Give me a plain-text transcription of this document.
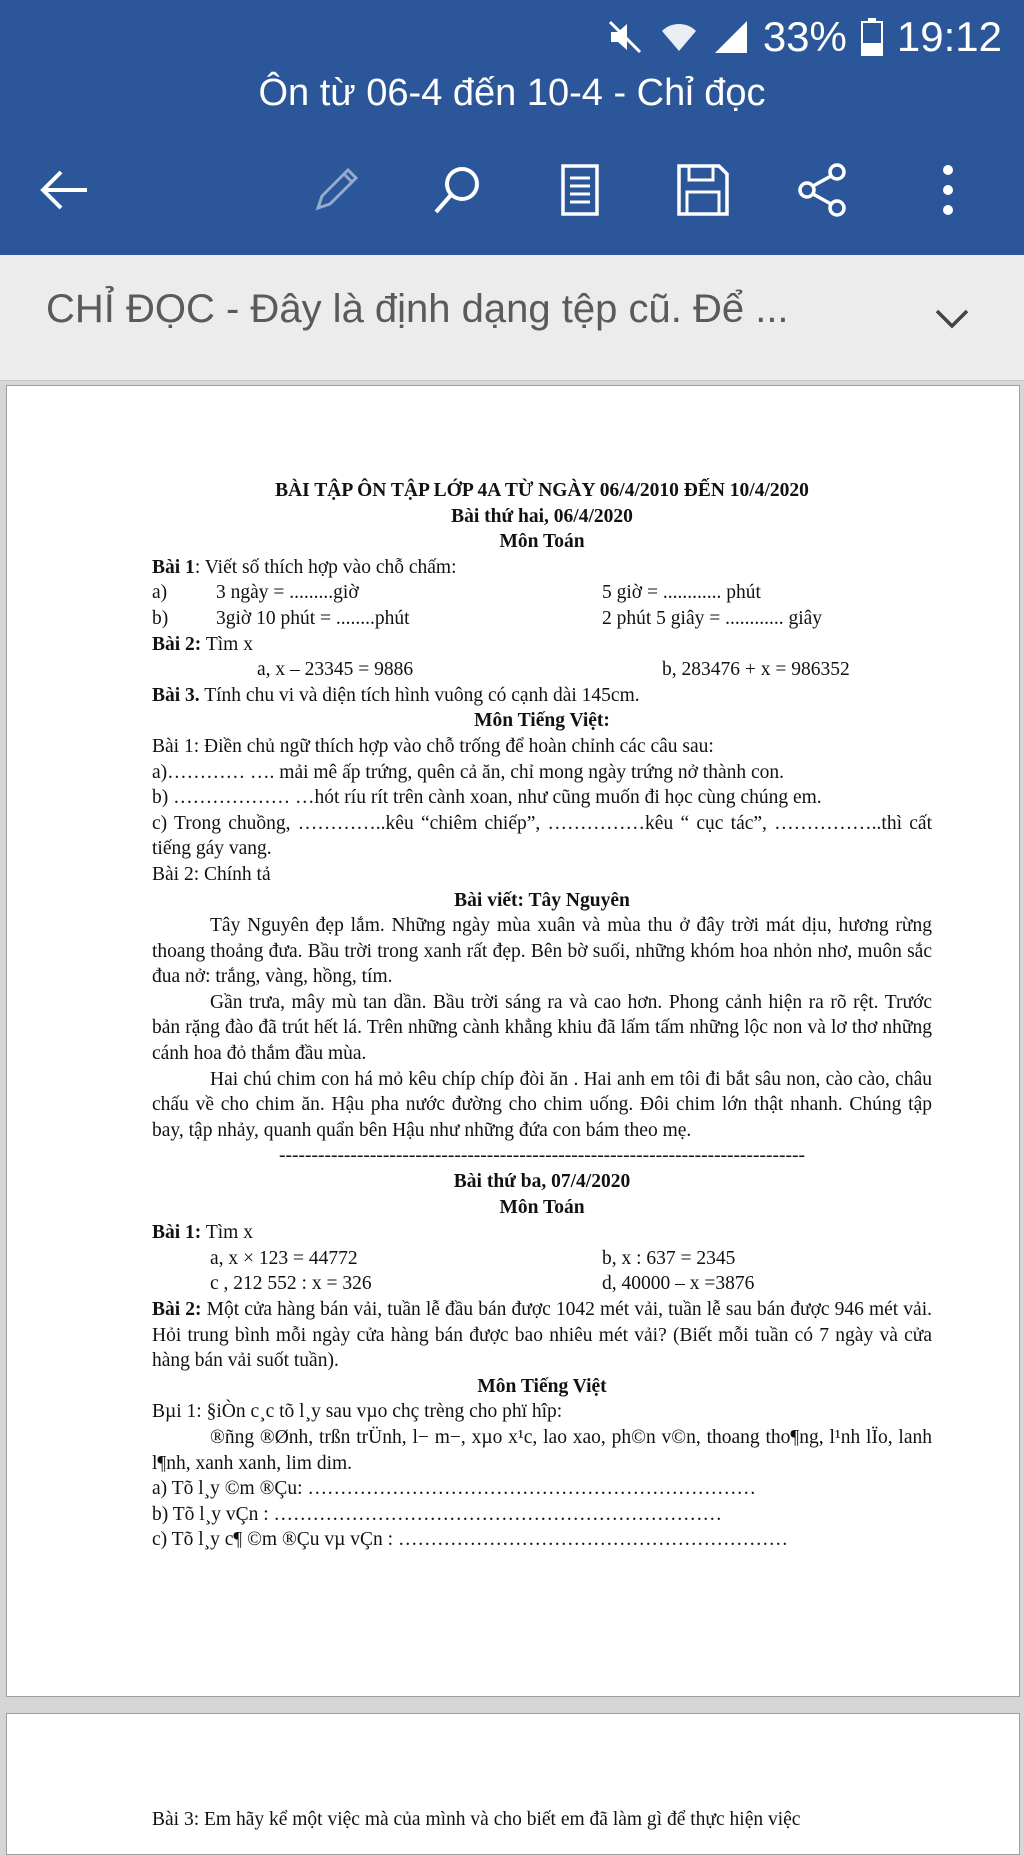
33% 19:12
Ôn từ 06-4 đến 10-4 - Chỉ đọc
CHỈ ĐỌC - Đây là định dạng tệp cũ. Để ...

BÀI TẬP ÔN TẬP LỚP 4A TỪ NGÀY 06/4/2010 ĐẾN 10/4/2020

Bài thứ hai, 06/4/2020

Môn Toán

Bài 1: Viết số thích hợp vào chỗ chấm:

a)	3 ngày = .........giờ	5 giờ = ............ phút
b)	3giờ 10 phút = ........phút	2 phút 5 giây = ............ giây

Bài 2: Tìm x

a, x – 23345 = 9886	b, 283476 + x = 986352

Bài 3. Tính chu vi và diện tích hình vuông có cạnh dài 145cm.

Môn Tiếng Việt:

Bài 1: Điền chủ ngữ thích hợp vào chỗ trống để hoàn chỉnh các câu sau:

a)………… …. mải mê ấp trứng, quên cả ăn, chỉ mong ngày trứng nở thành con.

b) ……………… …hót ríu rít trên cành xoan, như cũng muốn đi học cùng chúng em.

c) Trong chuồng, …………..kêu “chiêm chiếp”, ……………kêu “ cục tác”, ……………..thì cất tiếng gáy vang.

Bài 2: Chính tả

Bài viết: Tây Nguyên

Tây Nguyên đẹp lắm. Những ngày mùa xuân và mùa thu ở đây trời mát dịu, hương rừng thoang thoảng đưa. Bầu trời trong xanh rất đẹp. Bên bờ suối, những khóm hoa nhỏn nhơ, muôn sắc đua nở: trắng, vàng, hồng, tím.

Gần trưa, mây mù tan dần. Bầu trời sáng ra và cao hơn. Phong cảnh hiện ra rõ rệt. Trước bản rặng đào đã trút hết lá. Trên những cành khẳng khiu đã lấm tấm những lộc non và lơ thơ những cánh hoa đỏ thắm đầu mùa.

Hai chú chim con há mỏ kêu chíp chíp đòi ăn . Hai anh em tôi đi bắt sâu non, cào cào, châu chấu về cho chim ăn. Hậu pha nước đường cho chim uống. Đôi chim lớn thật nhanh. Chúng tập bay, tập nhảy, quanh quẩn bên Hậu như những đứa con bám theo mẹ.

---------------------------------------------------------------------------------

Bài thứ ba, 07/4/2020

Môn Toán

Bài 1: Tìm x

a, x × 123 = 44772	b, x : 637 = 2345
c , 212 552 : x = 326	d, 40000 – x =3876

Bài 2: Một cửa hàng bán vải, tuần lễ đầu bán được 1042 mét vải, tuần lễ sau bán được 946 mét vải. Hỏi trung bình mỗi ngày cửa hàng bán được bao nhiêu mét vải? (Biết mỗi tuần có 7 ngày và cửa hàng bán vải suốt tuần).

Môn Tiếng Việt

Bµi 1: §iÒn c¸c tõ l¸y sau vµo chç trèng cho phï hîp:

®ñng ®Ønh, trßn trÜnh, l− m−, xµo x¹c, lao xao, ph©n v©n, thoang tho¶ng, l¹nh lÏo, lanh l¶nh, xanh xanh, lim dim.

a) Tõ l¸y ©m ®Çu: ……………………………………………………………

b) Tõ l¸y vÇn : ……………………………………………………………

c) Tõ l¸y c¶ ©m ®Çu vµ vÇn : ……………………………………………………

Bài 3: Em hãy kể một việc mà của mình và cho biết em đã làm gì để thực hiện việc
